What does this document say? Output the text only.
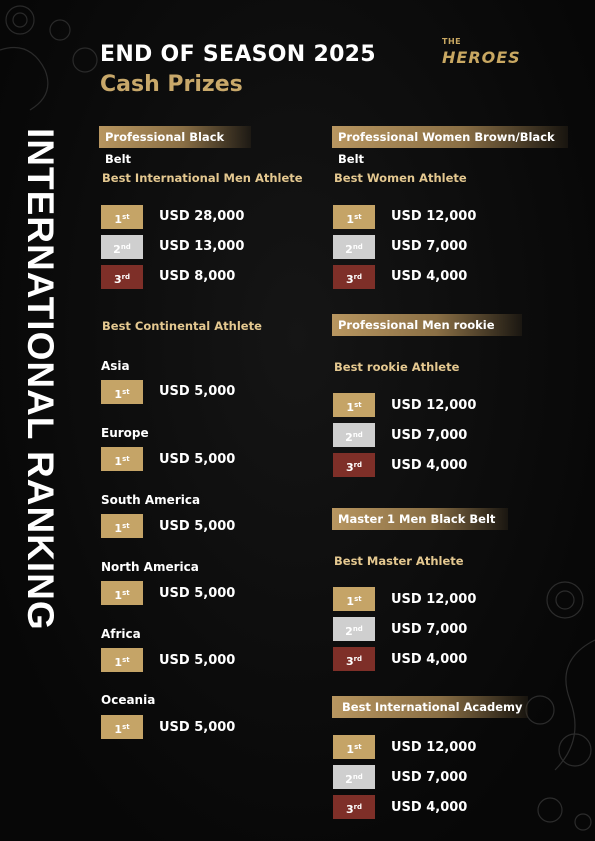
END OF SEASON 2025
Cash Prizes
THE
HEROES
INTERNATIONAL RANKING	Professional Black Belt
Best International Men Athlete
1st	USD 28,000
2nd	USD 13,000
3rd	USD 8,000
Best Continental Athlete
Asia
1st	USD 5,000
Europe
1st	USD 5,000
South America
1st	USD 5,000
North America
1st	USD 5,000
Africa
1st	USD 5,000
Oceania
1st	USD 5,000
Professional Women Brown/Black Belt
Best Women Athlete
1st	USD 12,000
2nd	USD 7,000
3rd	USD 4,000
Professional Men rookie
Best rookie Athlete
1st	USD 12,000
2nd	USD 7,000
3rd	USD 4,000
Master 1 Men Black Belt
Best Master Athlete
1st	USD 12,000
2nd	USD 7,000
3rd	USD 4,000
Best International Academy
1st	USD 12,000
2nd	USD 7,000
3rd	USD 4,000
